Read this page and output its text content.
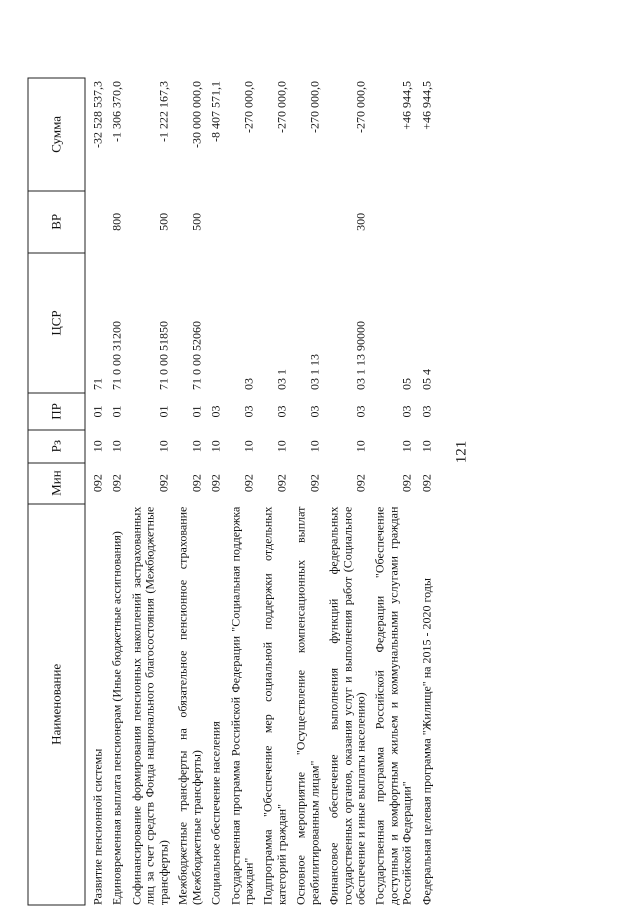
121
Наименование	Мин	Рз	ПР	ЦСР	ВР	Сумма
Развитие пенсионной системы	092	10	01	71		-32 528 537,3
Единовременная выплата пенсионерам (Иные бюджетные ассигнования)	092	10	01	71 0 00 31200	800	-1 306 370,0
Софинансирование формирования пенсионных накоплений застрахованных лиц за счет средств Фонда национального благосостояния (Межбюджетные трансферты)	092	10	01	71 0 00 51850	500	-1 222 167,3
Межбюджетные трансферты на обязательное пенсионное страхование (Межбюджетные трансферты)	092	10	01	71 0 00 52060	500	-30 000 000,0
Социальное обеспечение населения	092	10	03			-8 407 571,1
Государственная программа Российской Федерации "Социальная поддержка граждан"	092	10	03	03		-270 000,0
Подпрограмма "Обеспечение мер социальной поддержки отдельных категорий граждан"	092	10	03	03 1		-270 000,0
Основное мероприятие "Осуществление компенсационных выплат реабилитированным лицам"	092	10	03	03 1 13		-270 000,0
Финансовое обеспечение выполнения функций федеральных государственных органов, оказания услуг и выполнения работ (Социальное обеспечение и иные выплаты населению)	092	10	03	03 1 13 90000	300	-270 000,0
Государственная программа Российской Федерации "Обеспечение доступным и комфортным жильем и коммунальными услугами граждан Российской Федерации"	092	10	03	05		+46 944,5
Федеральная целевая программа "Жилище" на 2015 - 2020 годы	092	10	03	05 4		+46 944,5
